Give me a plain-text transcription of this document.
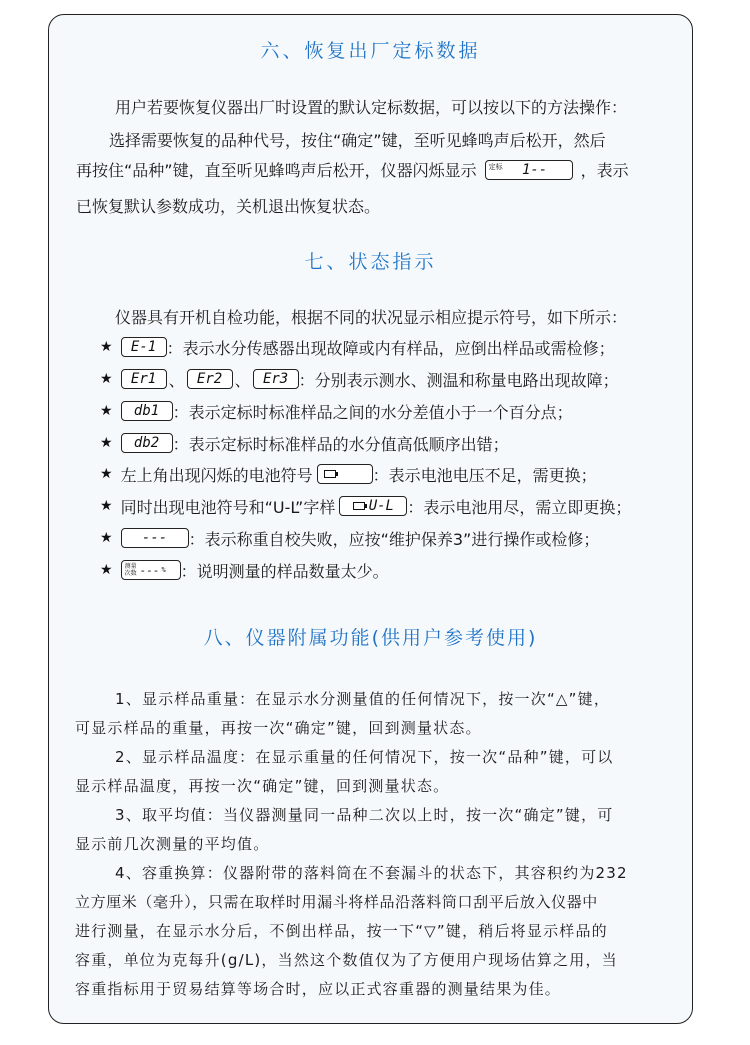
六、恢复出厂定标数据
用户若要恢复仪器出厂时设置的默认定标数据，可以按以下的方法操作：
选择需要恢复的品种代号，按住“确定”键，至听见蜂鸣声后松开，然后
再按住“品种”键，直至听见蜂鸣声后松开，仪器闪烁显示 定标 1-- ，表示
已恢复默认参数成功，关机退出恢复状态。
七、状态指示
仪器具有开机自检功能，根据不同的状况显示相应提示符号，如下所示：
★	E-1 ：表示水分传感器出现故障或内有样品，应倒出样品或需检修；
★	Er1 、 Er2 、 Er3 ：分别表示测水、测温和称量电路出现故障；
★	db1 ：表示定标时标准样品之间的水分差值小于一个百分点；
★	db2 ：表示定标时标准样品的水分值高低顺序出错；
★ 左上角出现闪烁的电池符号	：表示电池电压不足，需更换；
★ 同时出现电池符号和“U-L”字样 U-L ：表示电池用尽，需立即更换；
★	---	：表示称重自校失败，应按“维护保养3”进行操作或检修；
★ 测量
次数 --- % ：说明测量的样品数量太少。
八、仪器附属功能(供用户参考使用)
1、显示样品重量：在显示水分测量值的任何情况下，按一次“△”键，
可显示样品的重量，再按一次“确定”键，回到测量状态。
2、显示样品温度：在显示重量的任何情况下，按一次“品种”键，可以
显示样品温度，再按一次“确定”键，回到测量状态。
3、取平均值：当仪器测量同一品种二次以上时，按一次“确定”键，可
显示前几次测量的平均值。
4、容重换算：仪器附带的落料筒在不套漏斗的状态下，其容积约为232
立方厘米（毫升），只需在取样时用漏斗将样品沿落料筒口刮平后放入仪器中
进行测量，在显示水分后，不倒出样品，按一下“▽”键，稍后将显示样品的
容重，单位为克每升(g/L)，当然这个数值仅为了方便用户现场估算之用，当
容重指标用于贸易结算等场合时，应以正式容重器的测量结果为佳。
